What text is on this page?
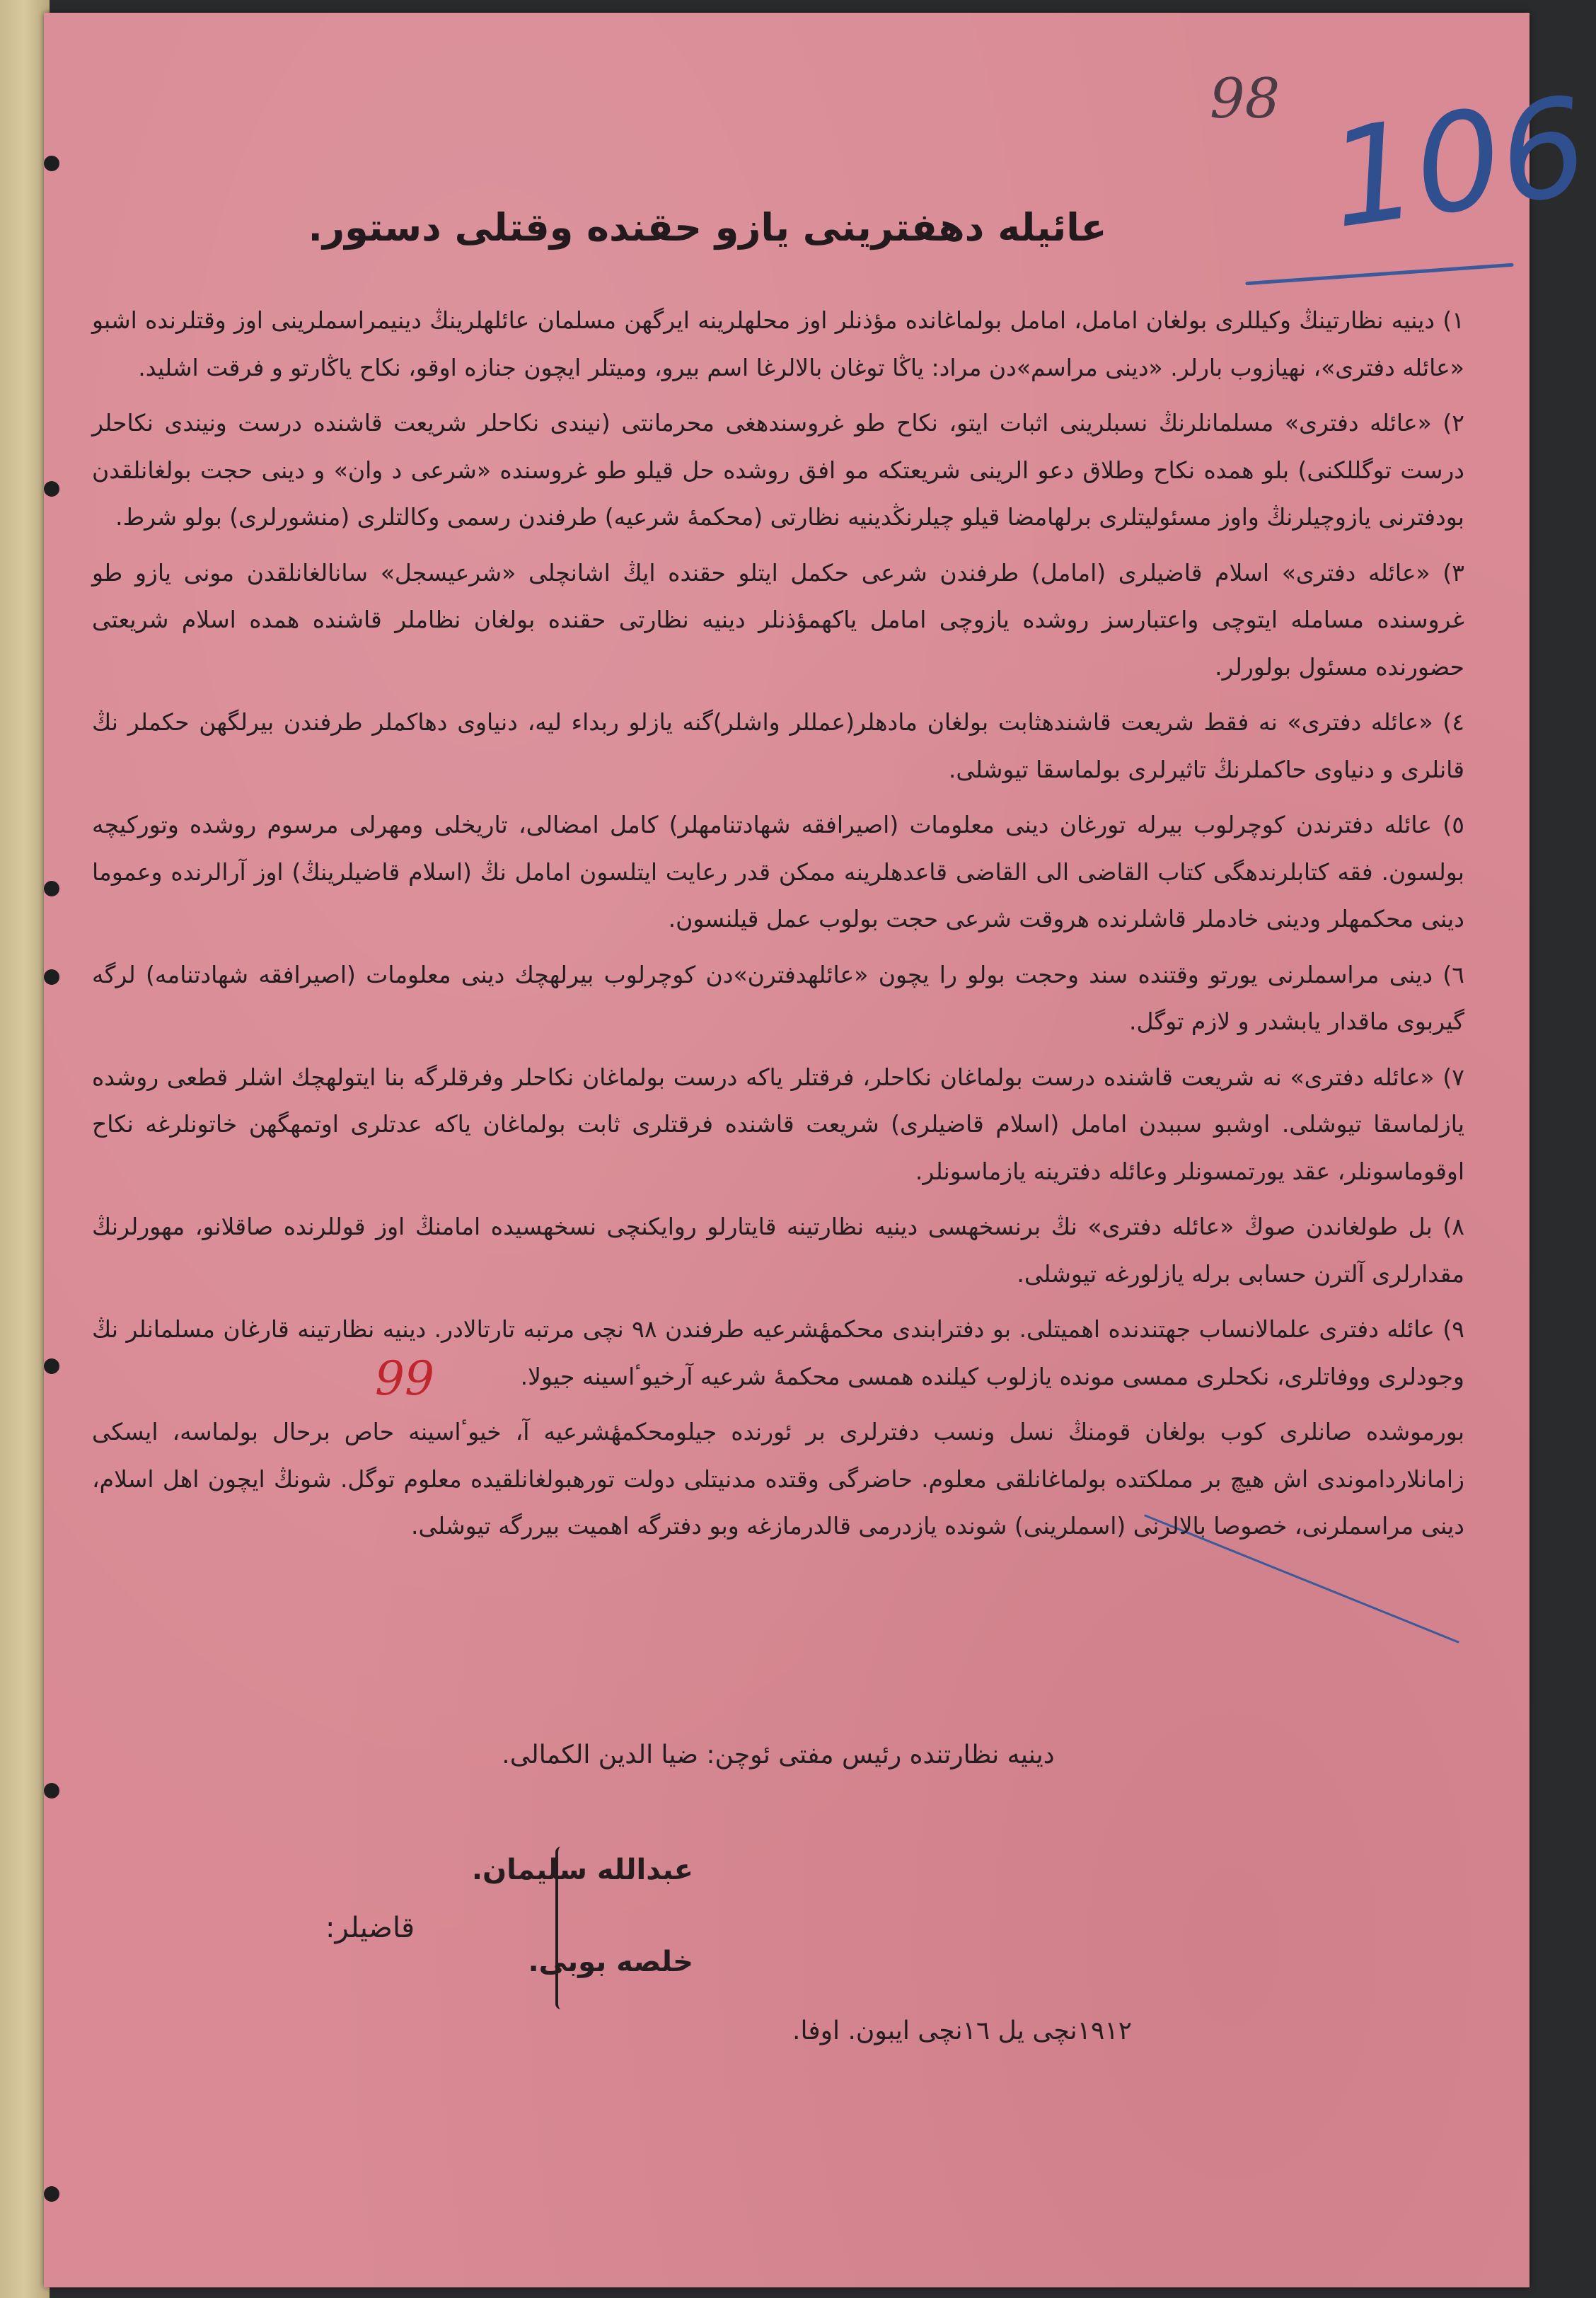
98 106
عائيله دهفترينی يازو حقنده وقتلی دستور.

١) دينيه نظارتينڭ وكيللری بولغان امامل، امامل بولماغانده مؤذنلر اوز محلهلرينه ايرگهن مسلمان عائلهلرينڭ دينیمراسملرينی اوز وقتلرنده اشبو «عائله دفتری»، نهيازوب بارلر. «دينی مراسم»دن مراد: ياڭا توغان بالالرغا اسم بيرو، وميتلر ايچون جنازه اوقو، نكاح ياڭارتو و فرقت اشليد.

٢) «عائله دفتری» مسلمانلرنڭ نسبلرينی اثبات ايتو، نكاح طو غروسندهغی محرمانتی (نيندی نكاحلر شريعت قاشنده درست ونيندی نكاحلر درست توگللكنی) بلو همده نكاح وطلاق دعو الرينی شريعتكه مو افق روشده حل قيلو طو غروسنده «شرعی د وان» و دينی حجت بولغانلقدن بودفترنی يازوچيلرنڭ واوز مسئولیتلری برلهامضا قيلو چيلرنڭدينيه نظارتی (محكمهٔ شرعيه) طرفندن رسمی وكالتلری (منشورلری) بولو شرط.

٣) «عائله دفتری» اسلام قاضيلری (امامل) طرفندن شرعی حكمل ايتلو حقنده ايڭ اشانچلی «شرعیسجل» سانالغانلقدن مونی يازو طو غروسنده مسامله ايتوچی واعتبارسز روشده يازوچی امامل ياكهمؤذنلر دينيه نظارتی حقنده بولغان نظاملر قاشنده همده اسلام شريعتی حضورنده مسئول بولورلر.

٤) «عائله دفتری» نه فقط شريعت قاشندهثابت بولغان مادهلر(عمللر واشلر)گنه يازلو ربداء لیه، دنياوی دهاكملر طرفندن بيرلگهن حكملر نڭ قانلری و دنياوی حاكملرنڭ تاثيرلری بولماسقا تيوشلی.

٥) عائله دفترندن كوچرلوب بيرله تورغان دينی معلومات (اصيرافقه شهادتنامهلر) كامل امضالی، تاريخلی ومهرلی مرسوم روشده وتوركيچه بولسون. فقه كتابلرندهگی كتاب القاضی الی القاضی قاعدهلرينه ممكن قدر رعايت ايتلسون امامل نڭ (اسلام قاضيلرينڭ) اوز آرالرنده وعموما دينی محكمهلر ودينی خادملر قاشلرنده هروقت شرعی حجت بولوب عمل قيلنسون.

٦) دينی مراسملرنی يورتو وقتنده سند وحجت بولو را يچون «عائلهدفترن»دن كوچرلوب بيرلهچك دينی معلومات (اصيرافقه شهادتنامه) لرگه گيربوی ماقدار يابشدر و لازم توگل.

٧) «عائله دفتری» نه شريعت قاشنده درست بولماغان نكاحلر، فرقتلر ياكه درست بولماغان نكاحلر وفرقلرگه بنا ايتولهچك اشلر قطعی روشده يازلماسقا تيوشلی. اوشبو سببدن امامل (اسلام قاضيلری) شريعت قاشنده فرقتلری ثابت بولماغان ياكه عدتلری اوتمهگهن خاتونلرغه نكاح اوقوماسونلر، عقد يورتمسونلر وعائله دفترينه يازماسونلر.

٨) بل طولغاندن صوڭ «عائله دفتری» نڭ برنسخهسی دينيه نظارتينه قايتارلو روايكنچی نسخهسیده امامنڭ اوز قوللرنده صاقلانو، مهورلرنڭ مقدارلری آلترن حسابی برله يازلورغه تيوشلی.

٩) عائله دفتری علمالانساب جهتندنده اهميتلی. بو دفترابندی محكمهٔشرعيه طرفندن ٩٨ نچی مرتبه تارتالادر. دينيه نظارتينه قارغان مسلمانلر نڭ وجودلری ووفاتلری، نكحلری ممسی مونده يازلوب كيلنده همسی محكمهٔ شرعيه آرخيوٴاسينه جيولا.

بورموشده صانلری كوب بولغان قومنڭ نسل ونسب دفترلری بر ئورنده جيلومحكمهٔشرعيه آ، خيوٴاسينه حاص برحال بولماسه، ايسكی زامانلارداموندی اش هيچ بر مملكتده بولماغانلقی معلوم. حاضرگی وقتده مدنيتلی دولت تورهبولغانلقیده معلوم توگل. شونڭ ايچون اهل اسلام، دينی مراسملرنی، خصوصا بالالرنی (اسملرينی) شونده يازدرمی قالدرمازغه وبو دفترگه اهميت بيررگه تيوشلی.

99
دينيه نظارتنده رئيس مفتی ئوچن: ضيا الدين الكمالی.
عبدالله سليمان.
خلصه بوبی.
قاضيلر:
١٩١٢نچی يل ١٦نچی ايبون. اوفا.
